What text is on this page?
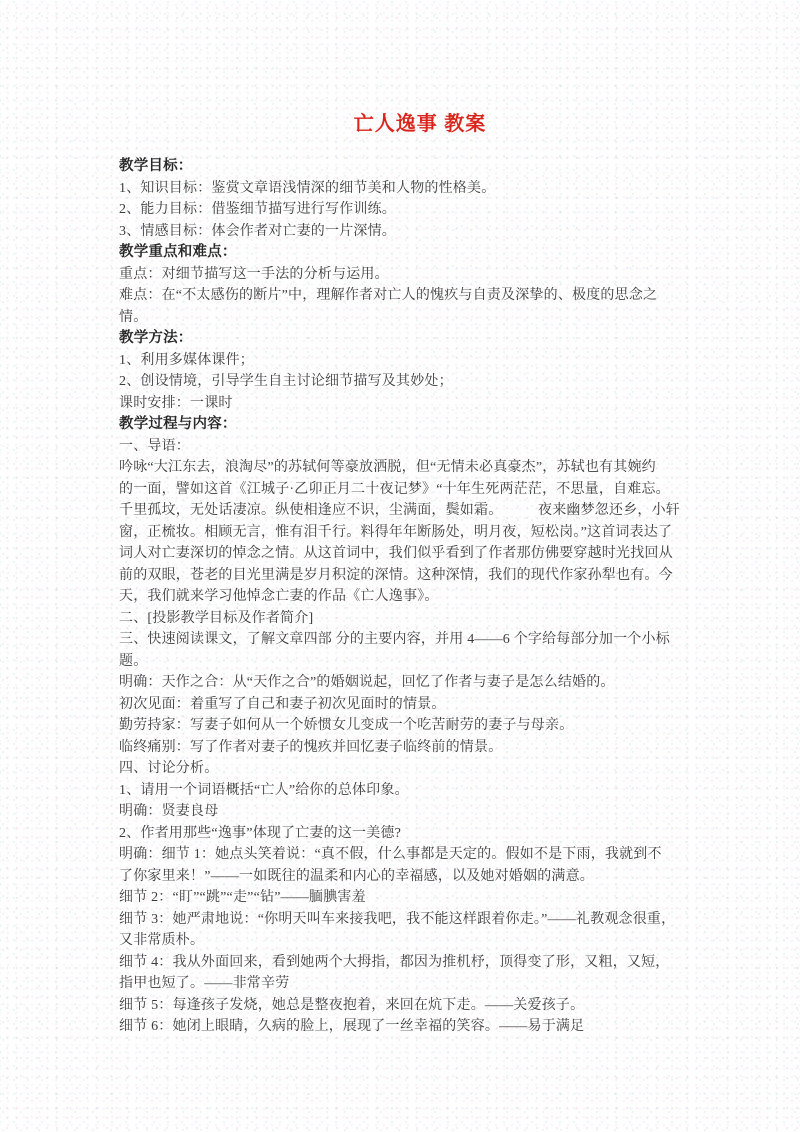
亡人逸事 教案
教学目标：
1、知识目标：鉴赏文章语浅情深的细节美和人物的性格美。
2、能力目标：借鉴细节描写进行写作训练。
3、情感目标：体会作者对亡妻的一片深情。
教学重点和难点：
重点：对细节描写这一手法的分析与运用。
难点：在“不太感伤的断片”中，理解作者对亡人的愧疚与自责及深挚的、极度的思念之
情。
教学方法：
1、利用多媒体课件；
2、创设情境，引导学生自主讨论细节描写及其妙处；
课时安排：一课时
教学过程与内容：
一、导语：
吟咏“大江东去，浪淘尽”的苏轼何等豪放洒脱，但“无情未必真豪杰”，苏轼也有其婉约
的一面，譬如这首《江城子·乙卯正月二十夜记梦》“十年生死两茫茫，不思量，自难忘。
千里孤坟，无处话凄凉。纵使相逢应不识，尘满面，鬓如霜。　　　夜来幽梦忽还乡，小轩
窗，正梳妆。相顾无言，惟有泪千行。料得年年断肠处，明月夜，短松岗。”这首词表达了
词人对亡妻深切的悼念之情。从这首词中，我们似乎看到了作者那仿佛要穿越时光找回从
前的双眼，苍老的目光里满是岁月积淀的深情。这种深情，我们的现代作家孙犁也有。今
天，我们就来学习他悼念亡妻的作品《亡人逸事》。
二、[投影教学目标及作者简介]
三、快速阅读课文，了解文章四部 分的主要内容，并用 4——6 个字给每部分加一个小标
题。
明确：天作之合：从“天作之合”的婚姻说起，回忆了作者与妻子是怎么结婚的。
初次见面：着重写了自己和妻子初次见面时的情景。
勤劳持家：写妻子如何从一个娇惯女儿变成一个吃苦耐劳的妻子与母亲。
临终痛别：写了作者对妻子的愧疚并回忆妻子临终前的情景。
四、讨论分析。
1、请用一个词语概括“亡人”给你的总体印象。
明确：贤妻良母
2、作者用那些“逸事”体现了亡妻的这一美德?
明确：细节 1：她点头笑着说：“真不假，什么事都是天定的。假如不是下雨，我就到不
了你家里来！”——一如既往的温柔和内心的幸福感，以及她对婚姻的满意。
细节 2：“盯”“跳”“走”“钻”——腼腆害羞
细节 3：她严肃地说：“你明天叫车来接我吧，我不能这样跟着你走。”——礼教观念很重，
又非常质朴。
细节 4：我从外面回来，看到她两个大拇指，都因为推机杼，顶得变了形，又粗，又短，
指甲也短了。——非常辛劳
细节 5：每逢孩子发烧，她总是整夜抱着，来回在炕下走。——关爱孩子。
细节 6：她闭上眼睛，久病的脸上，展现了一丝幸福的笑容。——易于满足
